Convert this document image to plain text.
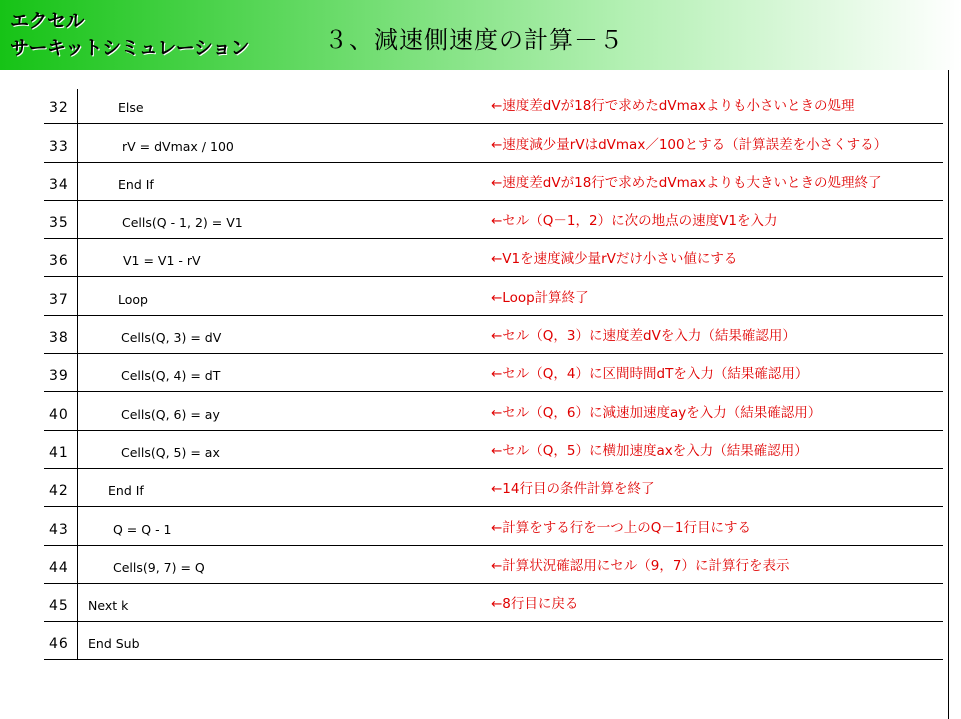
エクセル
サーキットシミュレーション	３、減速側速度の計算－５
32	Else	←速度差dVが18行で求めたdVmaxよりも小さいときの処理
33	rV = dVmax / 100	←速度減少量rVはdVmax／100とする（計算誤差を小さくする）
34	End If	←速度差dVが18行で求めたdVmaxよりも大きいときの処理終了
35	Cells(Q - 1, 2) = V1	←セル（Q－1，2）に次の地点の速度V1を入力
36	V1 = V1 - rV	←V1を速度減少量rVだけ小さい値にする
37	Loop	←Loop計算終了
38	Cells(Q, 3) = dV	←セル（Q，3）に速度差dVを入力（結果確認用）
39	Cells(Q, 4) = dT	←セル（Q，4）に区間時間dTを入力（結果確認用）
40	Cells(Q, 6) = ay	←セル（Q，6）に減速加速度ayを入力（結果確認用）
41	Cells(Q, 5) = ax	←セル（Q，5）に横加速度axを入力（結果確認用）
42	End If	←14行目の条件計算を終了
43	Q = Q - 1	←計算をする行を一つ上のQ－1行目にする
44	Cells(9, 7) = Q	←計算状況確認用にセル（9，7）に計算行を表示
45 Next k	←8行目に戻る
46 End Sub
